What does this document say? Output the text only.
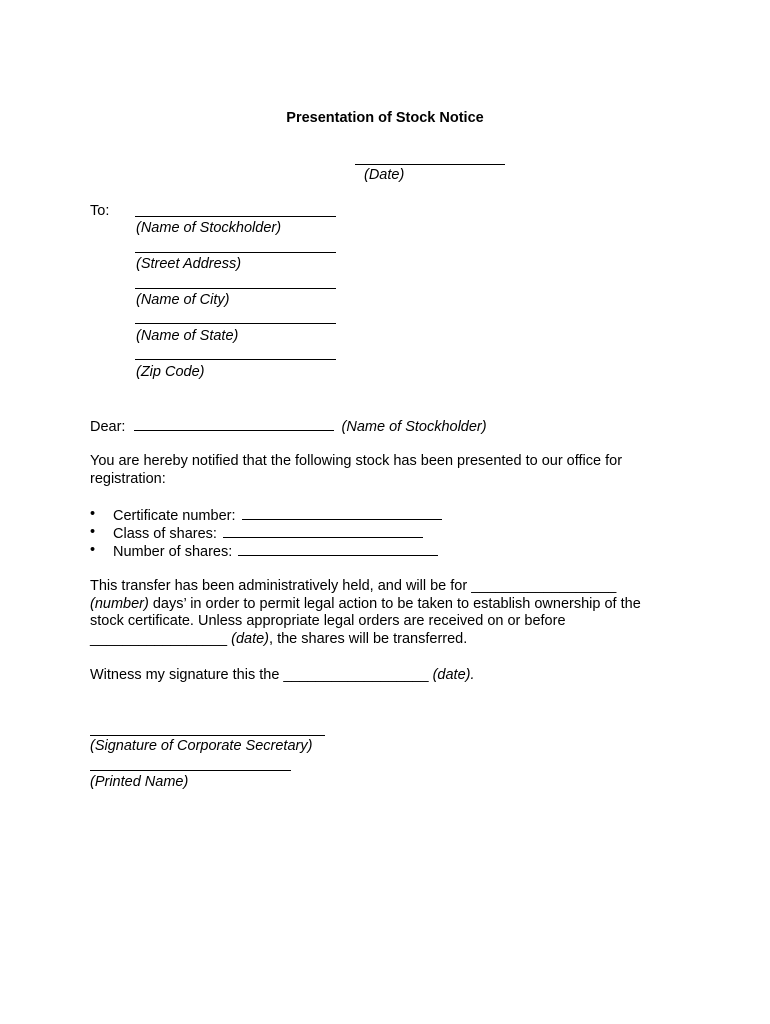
Presentation of Stock Notice
(Date)
To:
(Name of Stockholder)
(Street Address)
(Name of City)
(Name of State)
(Zip Code)
Dear:	(Name of Stockholder)
You are hereby notified that the following stock has been presented to our office for
registration:
• Certificate number:
• Class of shares:
• Number of shares:
This transfer has been administratively held, and will be for __________________
(number) days’ in order to permit legal action to be taken to establish ownership of the
stock certificate. Unless appropriate legal orders are received on or before
_________________ (date), the shares will be transferred.
Witness my signature this the __________________ (date).
(Signature of Corporate Secretary)
(Printed Name)
